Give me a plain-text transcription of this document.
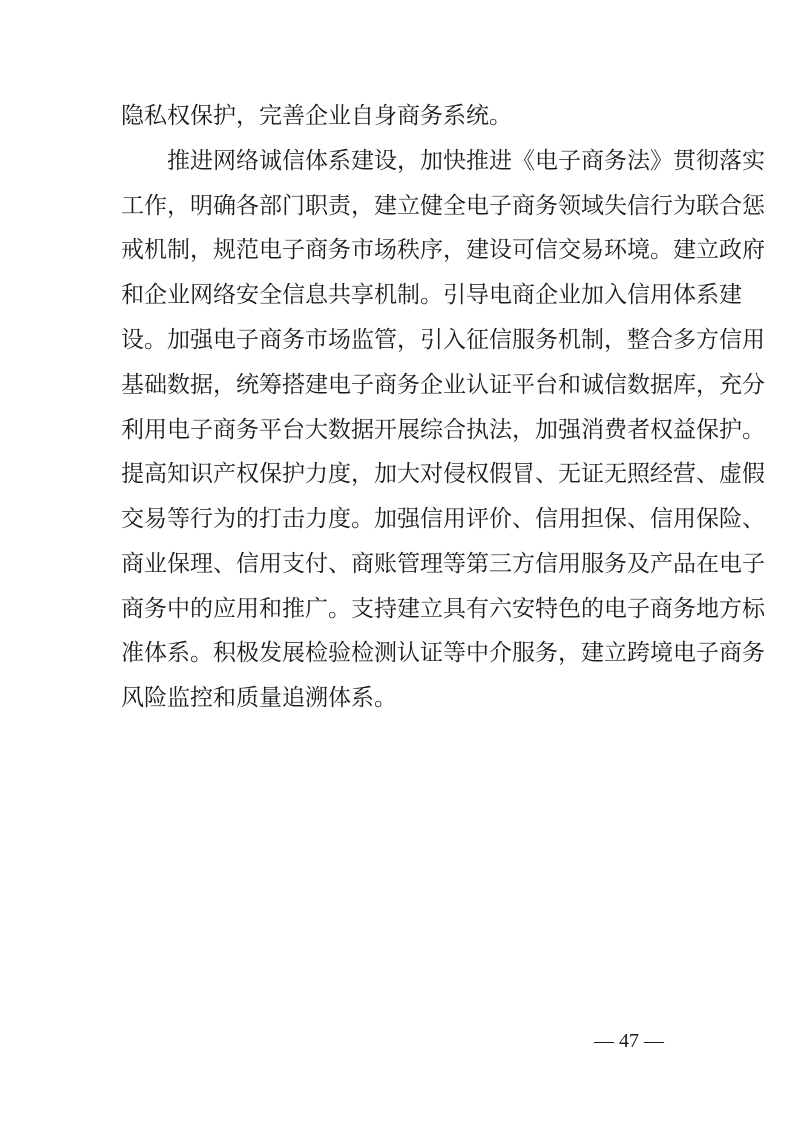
隐私权保护，完善企业自身商务系统。
推 进 网 络 诚 信 体 系 建 设 ， 加 快 推 进 《 电 子 商 务 法 》 贯 彻 落 实
工 作 ， 明 确 各 部 门 职 责 ， 建 立 健 全 电 子 商 务 领 域 失 信 行 为 联 合 惩
戒 机 制 ， 规 范 电 子 商 务 市 场 秩 序 ， 建 设 可 信 交 易 环 境 。 建 立 政 府
和 企 业 网 络 安 全 信 息 共 享 机 制 。 引 导 电 商 企 业 加 入 信 用 体 系 建
设 。 加 强 电 子 商 务 市 场 监 管 ， 引 入 征 信 服 务 机 制 ， 整 合 多 方 信 用
基 础 数 据 ， 统 筹 搭 建 电 子 商 务 企 业 认 证 平 台 和 诚 信 数 据 库 ， 充 分
利 用 电 子 商 务 平 台 大 数 据 开 展 综 合 执 法 ， 加 强 消 费 者 权 益 保 护 。
提 高 知 识 产 权 保 护 力 度 ， 加 大 对 侵 权 假 冒 、 无 证 无 照 经 营 、 虚 假
交 易 等 行 为 的 打 击 力 度 。 加 强 信 用 评 价 、 信 用 担 保 、 信 用 保 险 、
商 业 保 理 、 信 用 支 付 、 商 账 管 理 等 第 三 方 信 用 服 务 及 产 品 在 电 子
商 务 中 的 应 用 和 推 广 。 支 持 建 立 具 有 六 安 特 色 的 电 子 商 务 地 方 标
准 体 系 。 积 极 发 展 检 验 检 测 认 证 等 中 介 服 务 ， 建 立 跨 境 电 子 商 务
风险监控和质量追溯体系。
— 47 —
